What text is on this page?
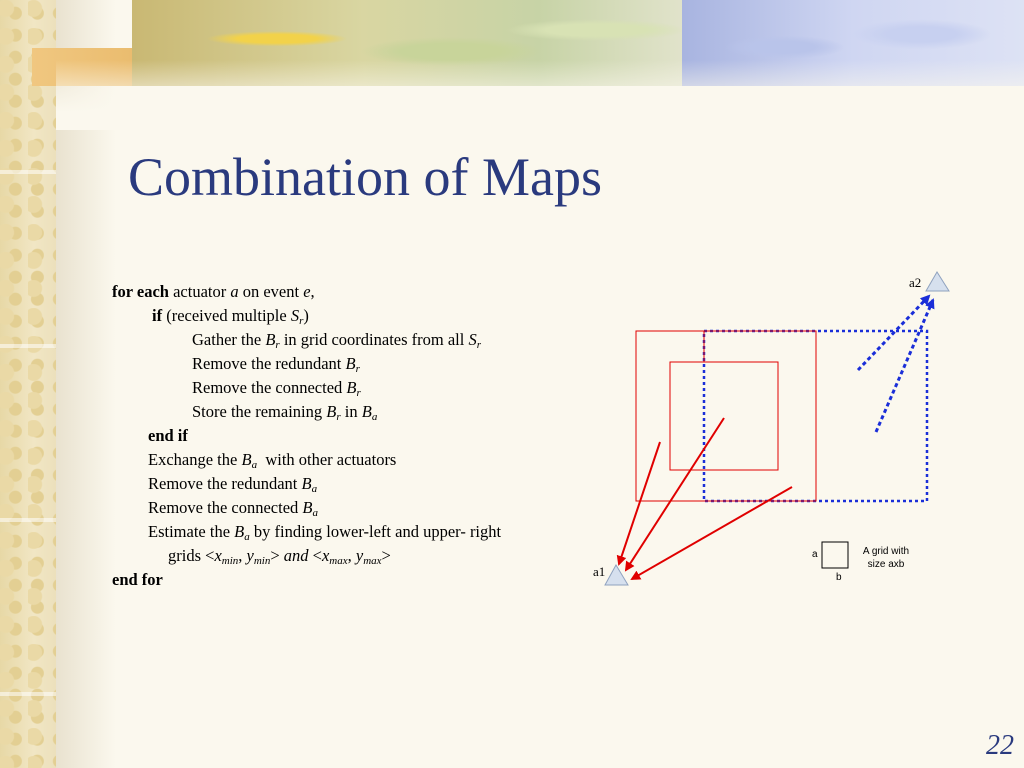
Combination of Maps
for each actuator a on event e,
if (received multiple $S_r$)
Gather the $B_r$ in grid coordinates from all $S_r$
Remove the redundant $B_r$
Remove the connected $B_r$
Store the remaining $B_r$ in $B_a$
end if
Exchange the $B_a$  with other actuators
Remove the redundant $B_a$
Remove the connected $B_a$
Estimate the $B_a$ by finding lower-left and upper- right
grids $<x_{min}$, $y_{min}>$ and $<x_{max}$, $y_{max}>$
end for	a1
a2
a
b
A grid with
size axb
22
